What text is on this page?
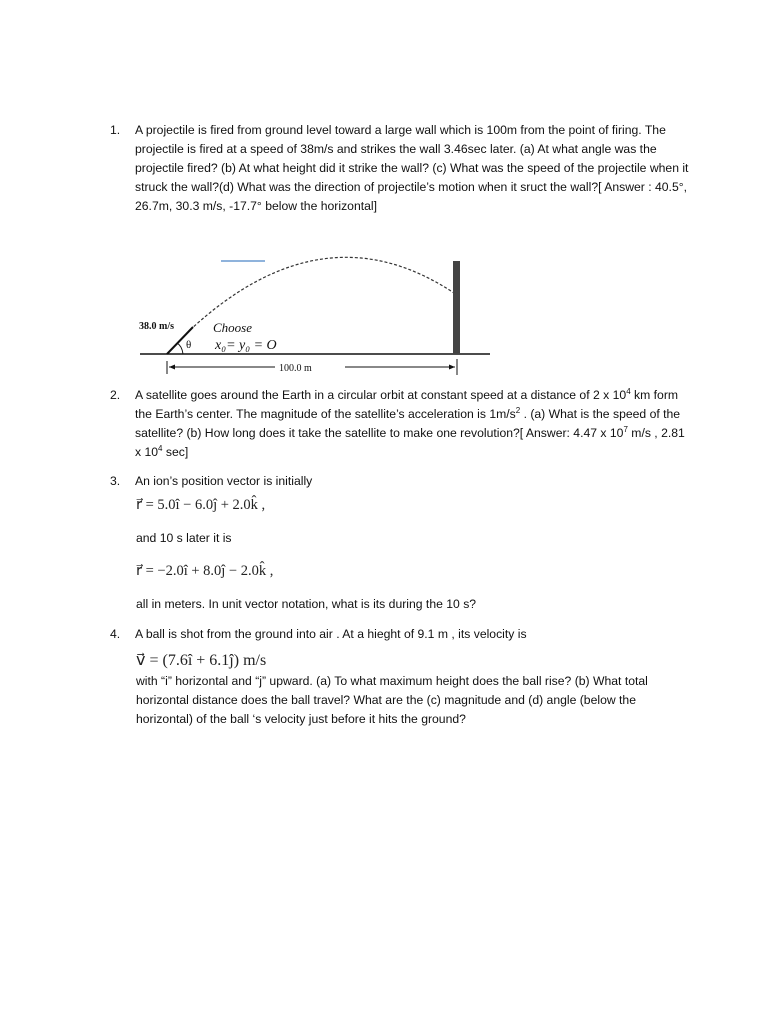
1. A projectile is fired from ground level toward a large wall which is 100m from the point of firing. The projectile is fired at a speed of 38m/s and strikes the wall 3.46sec later. (a) At what angle was the projectile fired? (b) At what height did it strike the wall? (c) What was the speed of the projectile when it struck the wall?(d) What was the direction of projectile’s motion when it sruct the wall?[ Answer : 40.5°, 26.7m, 30.3 m/s, -17.7° below the horizontal]
100.0 m
38.0 m/s
θ
Choose
x₀= y₀ = O
2. A satellite goes around the Earth in a circular orbit at constant speed at a distance of 2 x $10^4$ km form the Earth’s center. The magnitude of the satellite’s acceleration is $1m/s^2$ . (a) What is the speed of the satellite? (b) How long does it take the satellite to make one revolution?[ Answer: 4.47 x $10^7$ m/s , 2.81 x $10^4$ sec]
3. An ion’s position vector is initially
r⃗ = 5.0î − 6.0ĵ + 2.0k̂ ,
and 10 s later it is
r⃗ = −2.0î + 8.0ĵ − 2.0k̂ ,
all in meters. In unit vector notation, what is its during the 10 s?
4. A ball is shot from the ground into air . At a hieght of 9.1 m , its velocity is
v⃗ = (7.6î + 6.1ĵ) m/s
with “i” horizontal and “j” upward. (a) To what maximum height does the ball rise? (b) What total horizontal distance does the ball travel? What are the (c) magnitude and (d) angle (below the horizontal) of the ball ‘s velocity just before it hits the ground?
